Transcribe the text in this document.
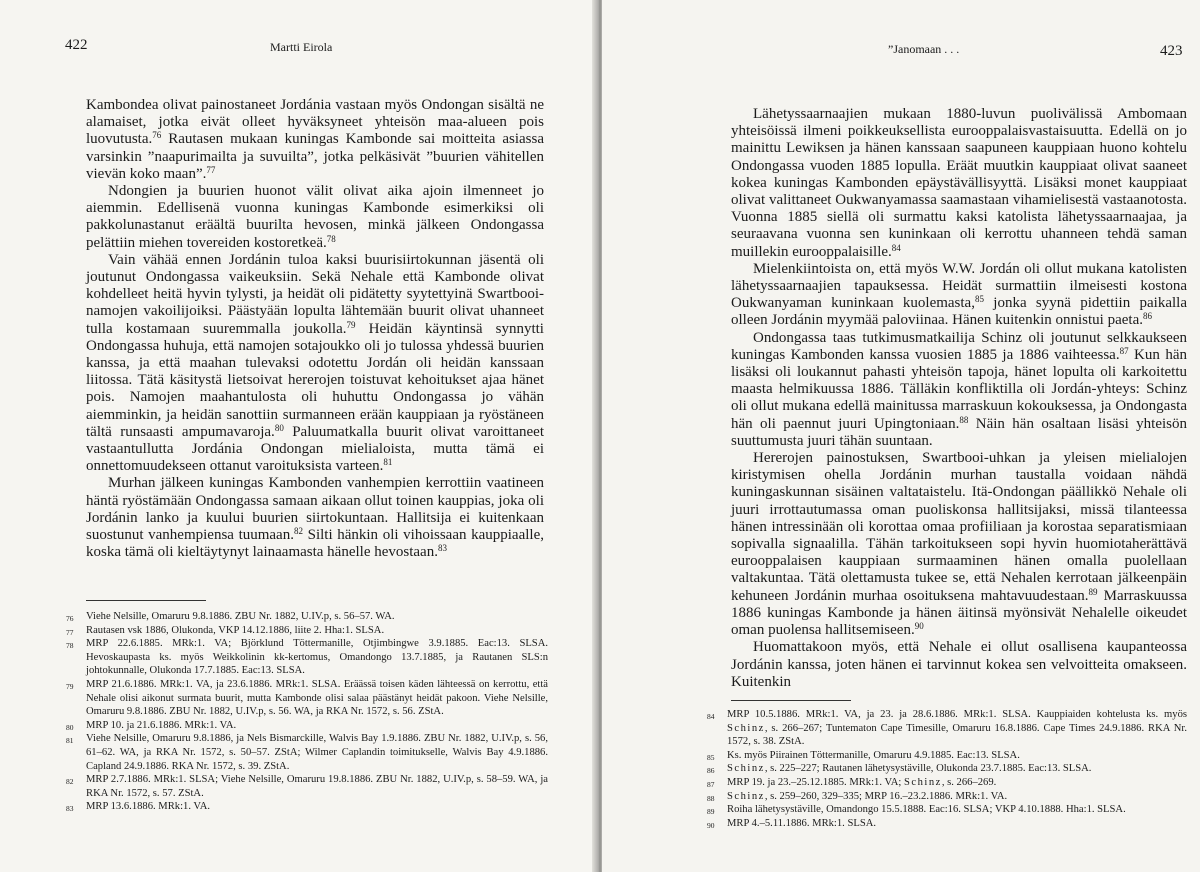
422	Martti Eirola

Kambondea olivat painostaneet Jordánia vastaan myös Ondongan sisältä ne alamaiset, jotka eivät olleet hyväksyneet yhteisön maa-alueen pois luovutusta.$^{76}$ Rautasen mukaan kuningas Kambonde sai moitteita asiassa varsinkin ”naapurimailta ja suvuilta”, jotka pelkäsivät ”buurien vähitellen vievän koko maan”.$^{77}$

Ndongien ja buurien huonot välit olivat aika ajoin ilmenneet jo aiemmin. Edellisenä vuonna kuningas Kambonde esimerkiksi oli pakkolunastanut eräältä buurilta hevosen, minkä jälkeen Ondongassa pelättiin miehen tovereiden kostoretkeä.$^{78}$

Vain vähää ennen Jordánin tuloa kaksi buurisiirtokunnan jäsentä oli joutunut Ondongassa vaikeuksiin. Sekä Nehale että Kambonde olivat kohdelleet heitä hyvin tylysti, ja heidät oli pidätetty syytettyinä Swartbooi-namojen vakoilijoiksi. Päästyään lopulta lähtemään buurit olivat uhanneet tulla kostamaan suuremmalla joukolla.$^{79}$ Heidän käyntinsä synnytti Ondongassa huhuja, että namojen sotajoukko oli jo tulossa yhdessä buurien kanssa, ja että maahan tulevaksi odotettu Jordán oli heidän kanssaan liitossa. Tätä käsitystä lietsoivat hererojen toistuvat kehoitukset ajaa hänet pois. Namojen maahantulosta oli huhuttu Ondongassa jo vähän aiemminkin, ja heidän sanottiin surmanneen erään kauppiaan ja ryöstäneen tältä runsaasti ampumavaroja.$^{80}$ Paluumatkalla buurit olivat varoittaneet vastaantullutta Jordánia Ondongan mielialoista, mutta tämä ei onnettomuudekseen ottanut varoituksista varteen.$^{81}$

Murhan jälkeen kuningas Kambonden vanhempien kerrottiin vaatineen häntä ryöstämään Ondongassa samaan aikaan ollut toinen kauppias, joka oli Jordánin lanko ja kuului buurien siirtokuntaan. Hallitsija ei kuitenkaan suostunut vanhempiensa tuumaan.$^{82}$ Silti hänkin oli vihoissaan kauppiaalle, koska tämä oli kieltäytynyt lainaamasta hänelle hevostaan.$^{83}$

76 Viehe Nelsille, Omaruru 9.8.1886. ZBU Nr. 1882, U.IV.p, s. 56–57. WA.

77 Rautasen vsk 1886, Olukonda, VKP 14.12.1886, liite 2. Hha:1. SLSA.

78 MRP 22.6.1885. MRk:1. VA; Björklund Töttermanille, Otjimbingwe 3.9.1885. Eac:13. SLSA. Hevoskaupasta ks. myös Weikkolinin kk-kertomus, Omandongo 13.7.1885, ja Rautanen SLS:n johtokunnalle, Olukonda 17.7.1885. Eac:13. SLSA.

79 MRP 21.6.1886. MRk:1. VA, ja 23.6.1886. MRk:1. SLSA. Eräässä toisen käden lähteessä on kerrottu, että Nehale olisi aikonut surmata buurit, mutta Kambonde olisi salaa päästänyt heidät pakoon. Viehe Nelsille, Omaruru 9.8.1886. ZBU Nr. 1882, U.IV.p, s. 56. WA, ja RKA Nr. 1572, s. 56. ZStA.

80 MRP 10. ja 21.6.1886. MRk:1. VA.

81 Viehe Nelsille, Omaruru 9.8.1886, ja Nels Bismarckille, Walvis Bay 1.9.1886. ZBU Nr. 1882, U.IV.p, s. 56, 61–62. WA, ja RKA Nr. 1572, s. 50–57. ZStA; Wilmer Caplandin toimitukselle, Walvis Bay 4.9.1886. Capland 24.9.1886. RKA Nr. 1572, s. 39. ZStA.

82 MRP 2.7.1886. MRk:1. SLSA; Viehe Nelsille, Omaruru 19.8.1886. ZBU Nr. 1882, U.IV.p, s. 58–59. WA, ja RKA Nr. 1572, s. 57. ZStA.

83 MRP 13.6.1886. MRk:1. VA.

”Janomaan . . .	423

Lähetyssaarnaajien mukaan 1880-luvun puolivälissä Ambomaan yhteisöissä ilmeni poikkeuksellista eurooppalaisvastaisuutta. Edellä on jo mainittu Lewiksen ja hänen kanssaan saapuneen kauppiaan huono kohtelu Ondongassa vuoden 1885 lopulla. Eräät muutkin kauppiaat olivat saaneet kokea kuningas Kambonden epäystävällisyyttä. Lisäksi monet kauppiaat olivat valittaneet Oukwanyamassa saamastaan vihamielisestä vastaanotosta. Vuonna 1885 siellä oli surmattu kaksi katolista lähetyssaarnaajaa, ja seuraavana vuonna sen kuninkaan oli kerrottu uhanneen tehdä saman muillekin eurooppalaisille.$^{84}$

Mielenkiintoista on, että myös W.W. Jordán oli ollut mukana katolisten lähetyssaarnaajien tapauksessa. Heidät surmattiin ilmeisesti kostona Oukwanyaman kuninkaan kuolemasta,$^{85}$ jonka syynä pidettiin paikalla olleen Jordánin myymää paloviinaa. Hänen kuitenkin onnistui paeta.$^{86}$

Ondongassa taas tutkimusmatkailija Schinz oli joutunut selkkaukseen kuningas Kambonden kanssa vuosien 1885 ja 1886 vaihteessa.$^{87}$ Kun hän lisäksi oli loukannut pahasti yhteisön tapoja, hänet lopulta oli karkoitettu maasta helmikuussa 1886. Tälläkin konfliktilla oli Jordán-yhteys: Schinz oli ollut mukana edellä mainitussa marraskuun kokouksessa, ja Ondongasta hän oli paennut juuri Upingtoniaan.$^{88}$ Näin hän osaltaan lisäsi yhteisön suuttumusta juuri tähän suuntaan.

Hererojen painostuksen, Swartbooi-uhkan ja yleisen mielialojen kiristymisen ohella Jordánin murhan taustalla voidaan nähdä kuningaskunnan sisäinen valtataistelu. Itä-Ondongan päällikkö Nehale oli juuri irrottautumassa oman puoliskonsa hallitsijaksi, missä tilanteessa hänen intressinään oli korottaa omaa profiiliaan ja korostaa separatismiaan sopivalla signaalilla. Tähän tarkoitukseen sopi hyvin huomiotaherättävä eurooppalaisen kauppiaan surmaaminen hänen omalla puolellaan valtakuntaa. Tätä olettamusta tukee se, että Nehalen kerrotaan jälkeenpäin kehuneen Jordánin murhaa osoituksena mahtavuudestaan.$^{89}$ Marraskuussa 1886 kuningas Kambonde ja hänen äitinsä myönsivät Nehalelle oikeudet oman puolensa hallitsemiseen.$^{90}$

Huomattakoon myös, että Nehale ei ollut osallisena kaupanteossa Jordánin kanssa, joten hänen ei tarvinnut kokea sen velvoitteita omakseen. Kuitenkin

84 MRP 10.5.1886. MRk:1. VA, ja 23. ja 28.6.1886. MRk:1. SLSA. Kauppiaiden kohtelusta ks. myös Schinz, s. 266–267; Tuntematon Cape Timesille, Omaruru 16.8.1886. Cape Times 24.9.1886. RKA Nr. 1572, s. 38. ZStA.

85 Ks. myös Piirainen Töttermanille, Omaruru 4.9.1885. Eac:13. SLSA.

86 Schinz, s. 225–227; Rautanen lähetysystäville, Olukonda 23.7.1885. Eac:13. SLSA.

87 MRP 19. ja 23.–25.12.1885. MRk:1. VA; Schinz, s. 266–269.

88 Schinz, s. 259–260, 329–335; MRP 16.–23.2.1886. MRk:1. VA.

89 Roiha lähetysystäville, Omandongo 15.5.1888. Eac:16. SLSA; VKP 4.10.1888. Hha:1. SLSA.

90 MRP 4.–5.11.1886. MRk:1. SLSA.
